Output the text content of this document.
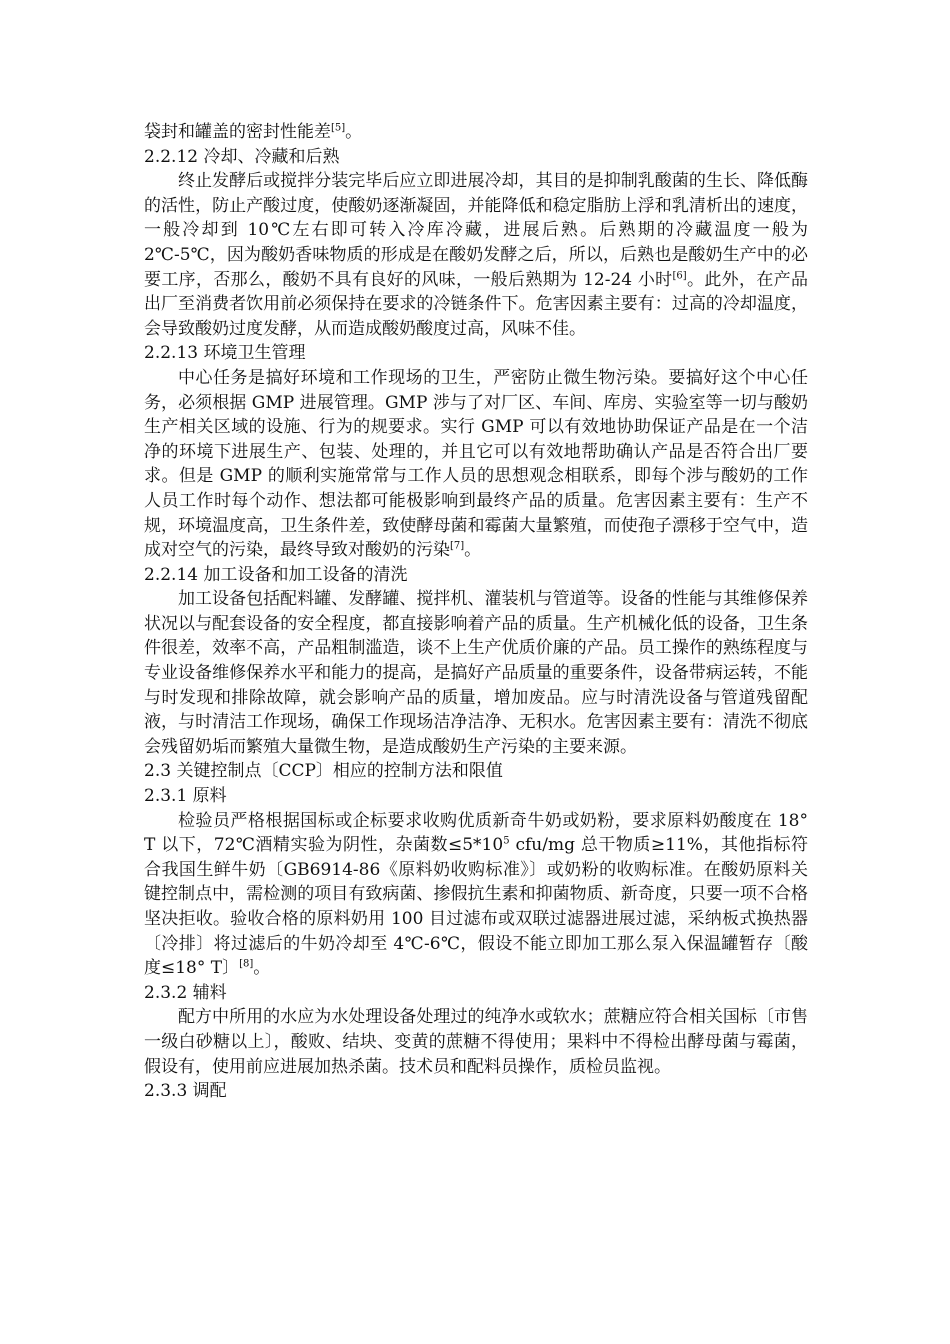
袋封和罐盖的密封性能差[5]。

2.2.12 冷却、冷藏和后熟

终止发酵后或搅拌分装完毕后应立即进展冷却，其目的是抑制乳酸菌的生长、降低酶的活性，防止产酸过度，使酸奶逐渐凝固，并能降低和稳定脂肪上浮和乳清析出的速度，一般冷却到 10℃左右即可转入冷库冷藏，进展后熟。后熟期的冷藏温度一般为 2℃-5℃，因为酸奶香味物质的形成是在酸奶发酵之后，所以，后熟也是酸奶生产中的必要工序，否那么，酸奶不具有良好的风味，一般后熟期为 12-24 小时[6]。此外，在产品出厂至消费者饮用前必须保持在要求的冷链条件下。危害因素主要有：过高的冷却温度，会导致酸奶过度发酵，从而造成酸奶酸度过高，风味不佳。

2.2.13 环境卫生管理

中心任务是搞好环境和工作现场的卫生，严密防止微生物污染。要搞好这个中心任务，必须根据 GMP 进展管理。GMP 涉与了对厂区、车间、库房、实验室等一切与酸奶生产相关区域的设施、行为的规要求。实行 GMP 可以有效地协助保证产品是在一个洁净的环境下进展生产、包装、处理的，并且它可以有效地帮助确认产品是否符合出厂要求。但是 GMP 的顺利实施常常与工作人员的思想观念相联系，即每个涉与酸奶的工作人员工作时每个动作、想法都可能极影响到最终产品的质量。危害因素主要有：生产不规，环境温度高，卫生条件差，致使酵母菌和霉菌大量繁殖，而使孢子漂移于空气中，造成对空气的污染，最终导致对酸奶的污染[7]。

2.2.14 加工设备和加工设备的清洗

加工设备包括配料罐、发酵罐、搅拌机、灌装机与管道等。设备的性能与其维修保养状况以与配套设备的安全程度，都直接影响着产品的质量。生产机械化低的设备，卫生条件很差，效率不高，产品粗制滥造，谈不上生产优质价廉的产品。员工操作的熟练程度与专业设备维修保养水平和能力的提高，是搞好产品质量的重要条件，设备带病运转，不能与时发现和排除故障，就会影响产品的质量，增加废品。应与时清洗设备与管道残留配液，与时清洁工作现场，确保工作现场洁净洁净、无积水。危害因素主要有：清洗不彻底会残留奶垢而繁殖大量微生物，是造成酸奶生产污染的主要来源。

2.3 关键控制点〔CCP〕相应的控制方法和限值

2.3.1 原料

检验员严格根据国标或企标要求收购优质新奇牛奶或奶粉，要求原料奶酸度在 18° T 以下，72℃酒精实验为阴性，杂菌数$\le 5*10^5$ cfu/mg 总干物质≥11%，其他指标符合我国生鲜牛奶〔GB6914-86《原料奶收购标准》〕或奶粉的收购标准。在酸奶原料关键控制点中，需检测的项目有致病菌、掺假抗生素和抑菌物质、新奇度，只要一项不合格坚决拒收。验收合格的原料奶用 100 目过滤布或双联过滤器进展过滤，采纳板式换热器〔冷排〕将过滤后的牛奶冷却至 4℃-6℃，假设不能立即加工那么泵入保温罐暂存〔酸度≤18° T〕[8]。

2.3.2 辅料

配方中所用的水应为水处理设备处理过的纯净水或软水；蔗糖应符合相关国标〔市售一级白砂糖以上〕，酸败、结块、变黄的蔗糖不得使用；果料中不得检出酵母菌与霉菌，假设有，使用前应进展加热杀菌。技术员和配料员操作，质检员监视。

2.3.3 调配
